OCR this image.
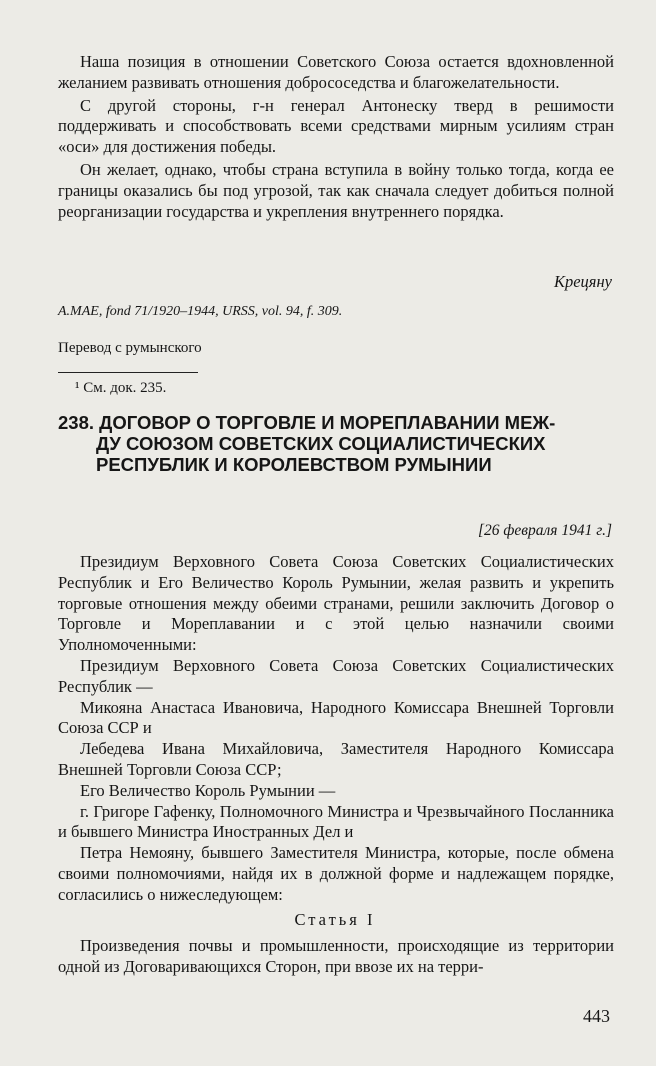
Наша позиция в отношении Советского Союза остается вдохновленной желанием развивать отношения добрососедства и благожелательности.

С другой стороны, г-н генерал Антонеску тверд в решимости поддерживать и способствовать всеми средствами мирным усилиям стран «оси» для достижения победы.

Он желает, однако, чтобы страна вступила в войну только тогда, когда ее границы оказались бы под угрозой, так как сначала следует добиться полной реорганизации государства и укрепления внутреннего порядка.

Крецяну
A.MAE, fond 71/1920–1944, URSS, vol. 94, f. 309.
Перевод с румынского
¹ См. док. 235.
238. ДОГОВОР О ТОРГОВЛЕ И МОРЕПЛАВАНИИ МЕЖ-
ДУ СОЮЗОМ СОВЕТСКИХ СОЦИАЛИСТИЧЕСКИХ
РЕСПУБЛИК И КОРОЛЕВСТВОМ РУМЫНИИ
[26 февраля 1941 г.]

Президиум Верховного Совета Союза Советских Социалистических Республик и Его Величество Король Румынии, желая развить и укрепить торговые отношения между обеими странами, решили заключить Договор о Торговле и Мореплавании и с этой целью назначили своими Уполномоченными:

Президиум Верховного Совета Союза Советских Социалистических Республик —

Микояна Анастаса Ивановича, Народного Комиссара Внешней Торговли Союза ССР и

Лебедева Ивана Михайловича, Заместителя Народного Комиссара Внешней Торговли Союза ССР;

Его Величество Король Румынии —

г. Григоре Гафенку, Полномочного Министра и Чрезвычайного Посланника и бывшего Министра Иностранных Дел и

Петра Немояну, бывшего Заместителя Министра, которые, после обмена своими полномочиями, найдя их в должной форме и надлежащем порядке, согласились о нижеследующем:

Статья I

Произведения почвы и промышленности, происходящие из территории одной из Договаривающихся Сторон, при ввозе их на терри-

443
